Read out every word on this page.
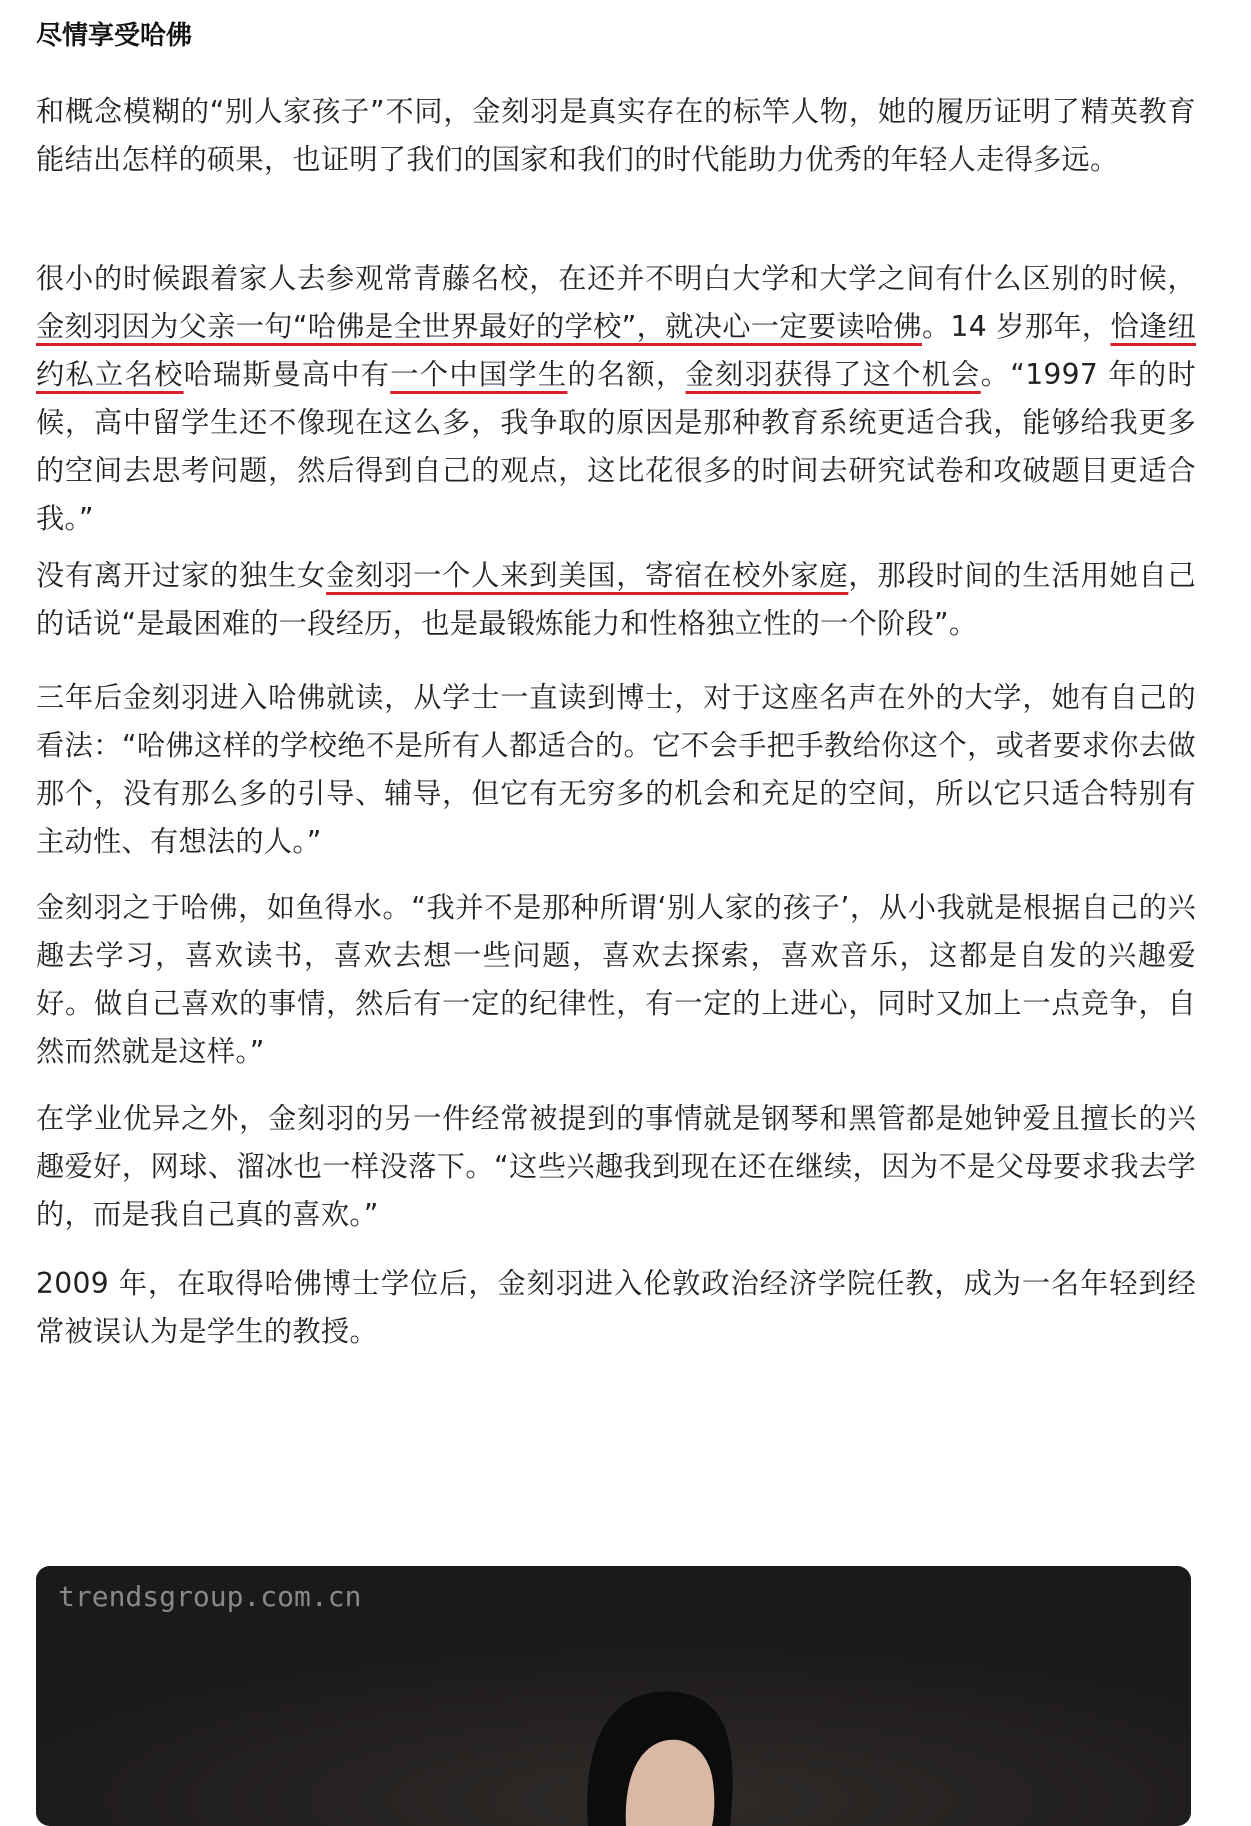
尽情享受哈佛

和概念模糊的“别人家孩子”不同，金刻羽是真实存在的标竿人物，她的履历证明了精英教育能结出怎样的硕果，也证明了我们的国家和我们的时代能助力优秀的年轻人走得多远。

很小的时候跟着家人去参观常青藤名校，在还并不明白大学和大学之间有什么区别的时候，金刻羽因为父亲一句“哈佛是全世界最好的学校”，就决心一定要读哈佛。14 岁那年，恰逢纽约私立名校哈瑞斯曼高中有一个中国学生的名额，金刻羽获得了这个机会。“1997 年的时候，高中留学生还不像现在这么多，我争取的原因是那种教育系统更适合我，能够给我更多的空间去思考问题，然后得到自己的观点，这比花很多的时间去研究试卷和攻破题目更适合我。”

没有离开过家的独生女金刻羽一个人来到美国，寄宿在校外家庭，那段时间的生活用她自己的话说“是最困难的一段经历，也是最锻炼能力和性格独立性的一个阶段”。

三年后金刻羽进入哈佛就读，从学士一直读到博士，对于这座名声在外的大学，她有自己的看法：“哈佛这样的学校绝不是所有人都适合的。它不会手把手教给你这个，或者要求你去做那个，没有那么多的引导、辅导，但它有无穷多的机会和充足的空间，所以它只适合特别有主动性、有想法的人。”

金刻羽之于哈佛，如鱼得水。“我并不是那种所谓‘别人家的孩子’，从小我就是根据自己的兴趣去学习，喜欢读书，喜欢去想一些问题，喜欢去探索，喜欢音乐，这都是自发的兴趣爱好。做自己喜欢的事情，然后有一定的纪律性，有一定的上进心，同时又加上一点竞争，自然而然就是这样。”

在学业优异之外，金刻羽的另一件经常被提到的事情就是钢琴和黑管都是她钟爱且擅长的兴趣爱好，网球、溜冰也一样没落下。“这些兴趣我到现在还在继续，因为不是父母要求我去学的，而是我自己真的喜欢。”

2009 年，在取得哈佛博士学位后，金刻羽进入伦敦政治经济学院任教，成为一名年轻到经常被误认为是学生的教授。

trendsgroup.com.cn
